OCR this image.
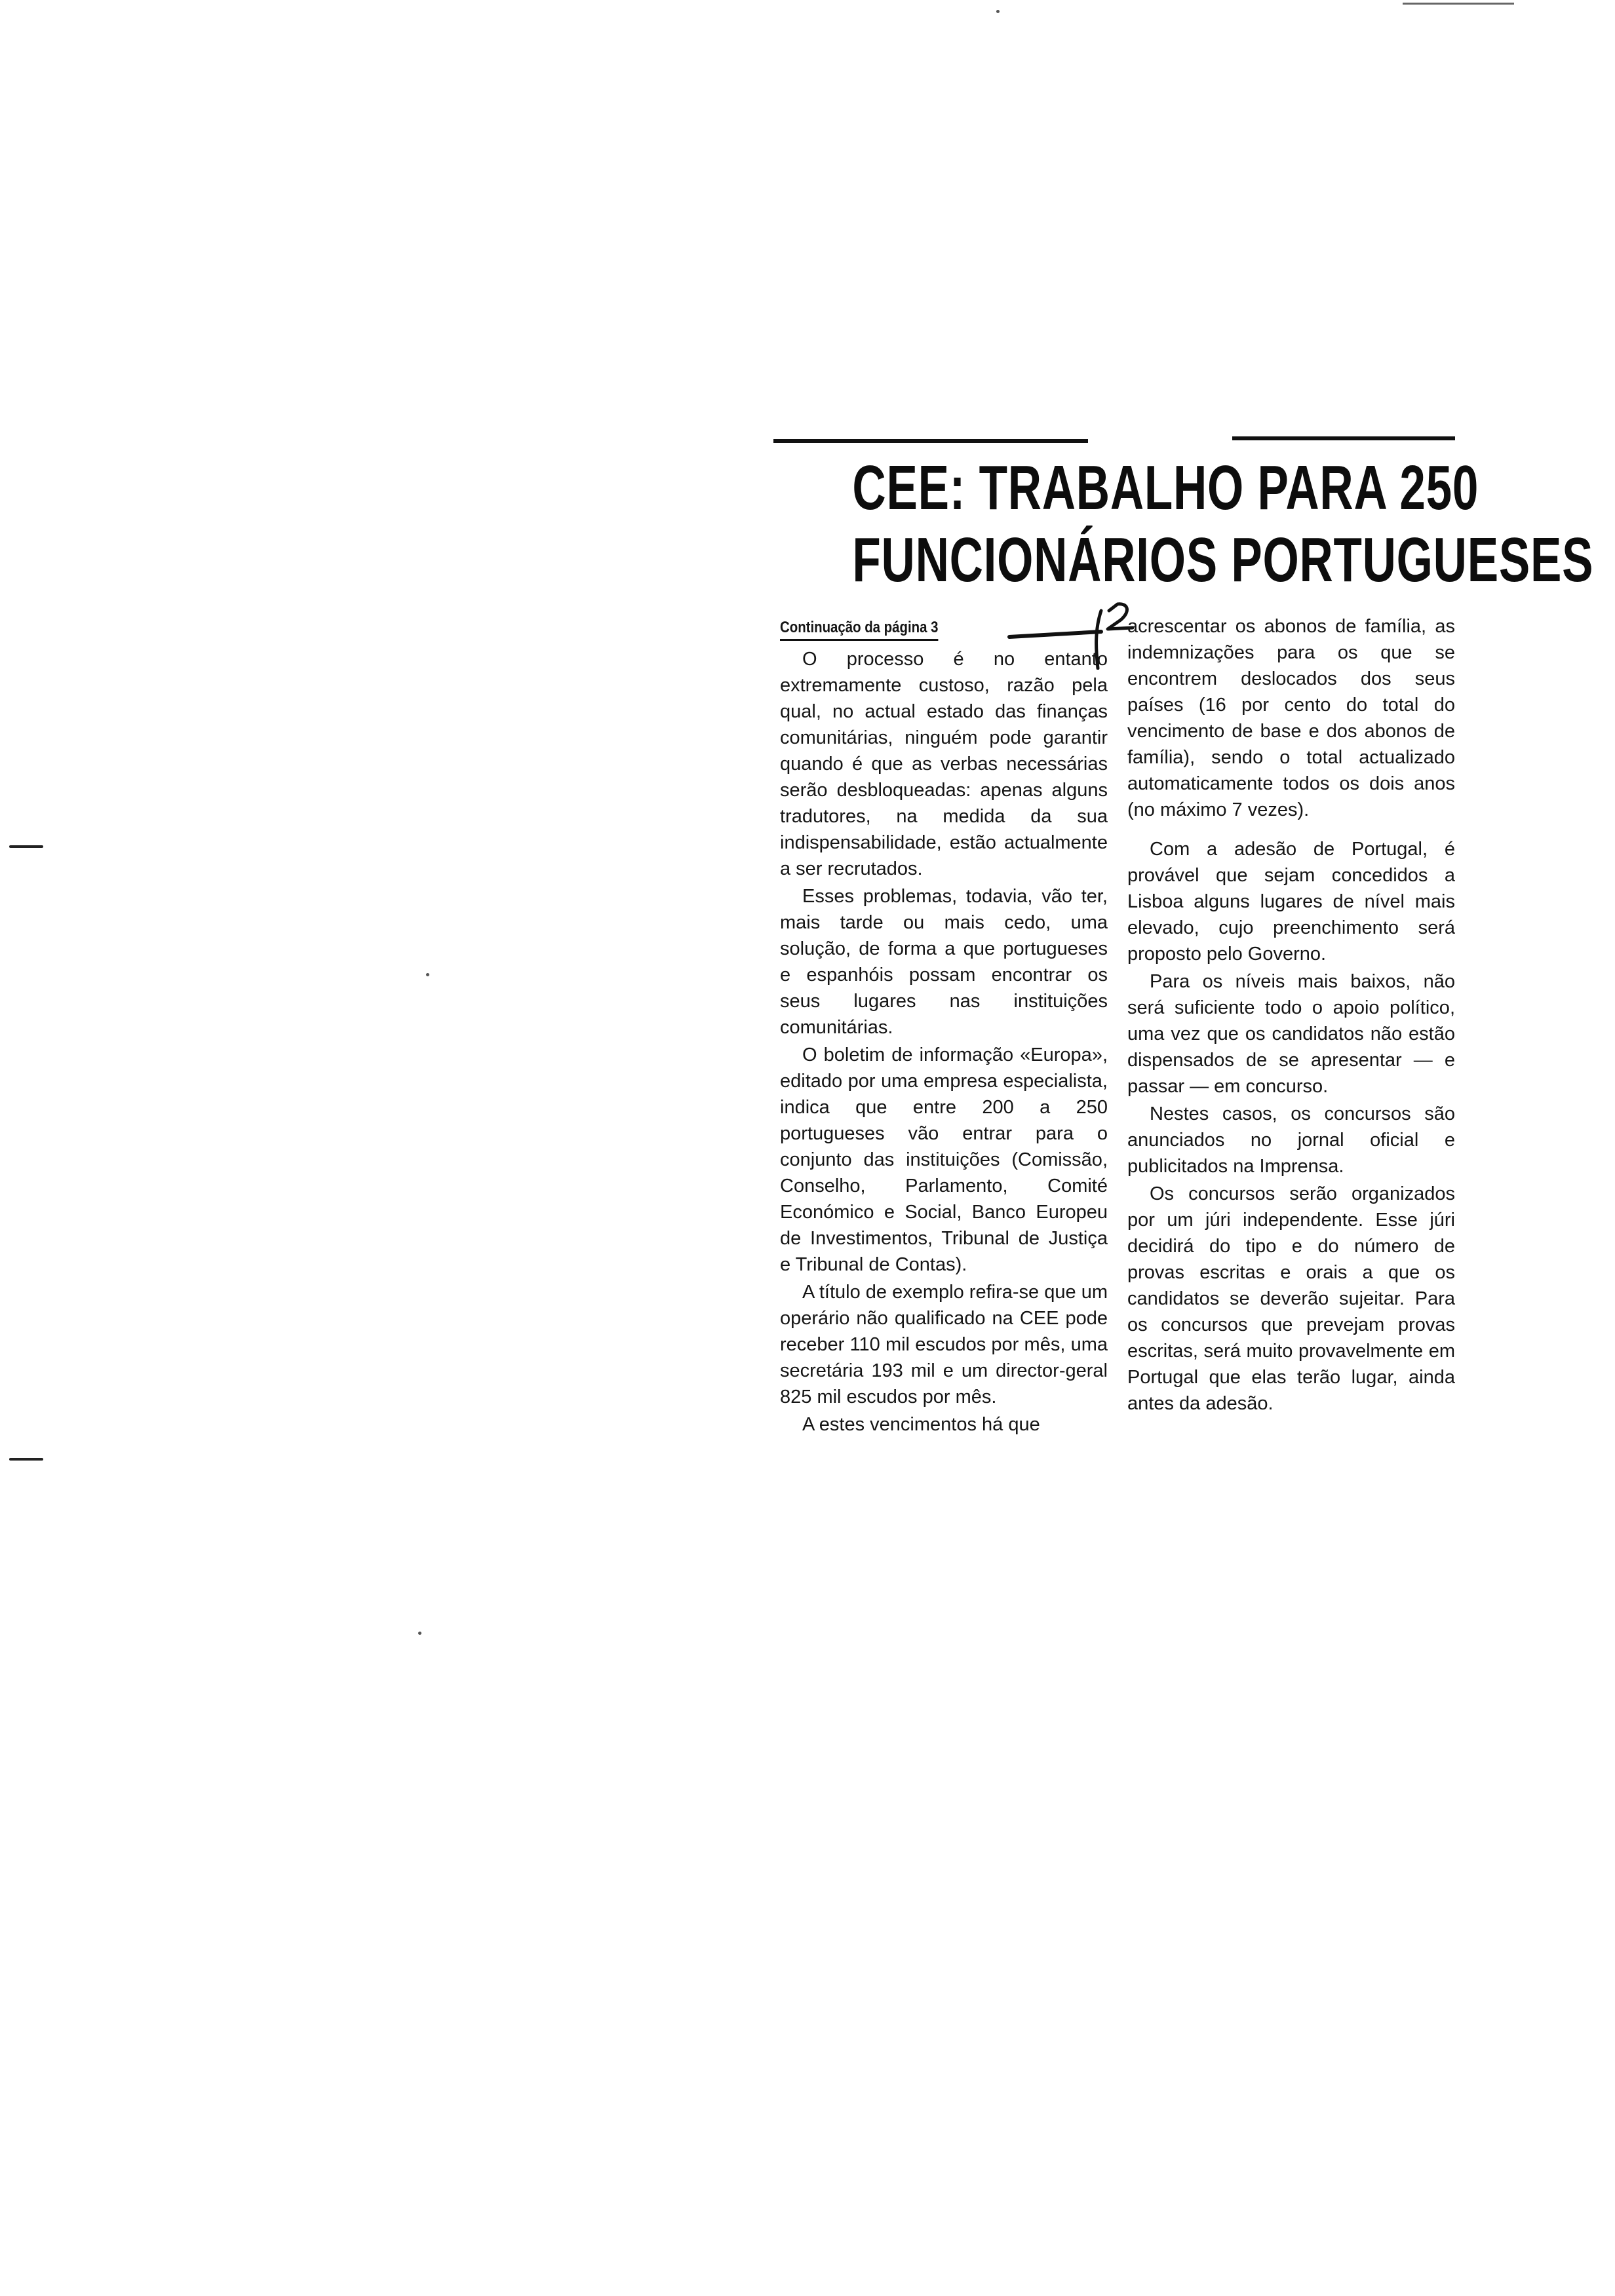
CEE: TRABALHO PARA 250
FUNCIONÁRIOS PORTUGUESES
Continuação da página 3

O processo é no entanto extremamente custoso, razão pela qual, no actual estado das finanças comunitárias, ninguém pode garantir quando é que as verbas necessárias serão desbloqueadas: apenas alguns tradutores, na medida da sua indispensabilidade, estão actualmente a ser recrutados.

Esses problemas, todavia, vão ter, mais tarde ou mais cedo, uma solução, de forma a que portugueses e espanhóis possam encontrar os seus lugares nas instituições comunitárias.

O boletim de informação «Europa», editado por uma empresa especialista, indica que entre 200 a 250 portugueses vão entrar para o conjunto das instituições (Comissão, Conselho, Parlamento, Comité Económico e Social, Banco Europeu de Investimentos, Tribunal de Justiça e Tribunal de Contas).

A título de exemplo refira-se que um operário não qualificado na CEE pode receber 110 mil escudos por mês, uma secretária 193 mil e um director-geral 825 mil escudos por mês.

A estes vencimentos há que

acrescentar os abonos de família, as indemnizações para os que se encontrem deslocados dos seus países (16 por cento do total do vencimento de base e dos abonos de família), sendo o total actualizado automaticamente todos os dois anos (no máximo 7 vezes).

Com a adesão de Portugal, é provável que sejam concedidos a Lisboa alguns lugares de nível mais elevado, cujo preenchimento será proposto pelo Governo.

Para os níveis mais baixos, não será suficiente todo o apoio político, uma vez que os candidatos não estão dispensados de se apresentar — e passar — em concurso.

Nestes casos, os concursos são anunciados no jornal oficial e publicitados na Imprensa.

Os concursos serão organizados por um júri independente. Esse júri decidirá do tipo e do número de provas escritas e orais a que os candidatos se deverão sujeitar. Para os concursos que prevejam provas escritas, será muito provavelmente em Portugal que elas terão lugar, ainda antes da adesão.
